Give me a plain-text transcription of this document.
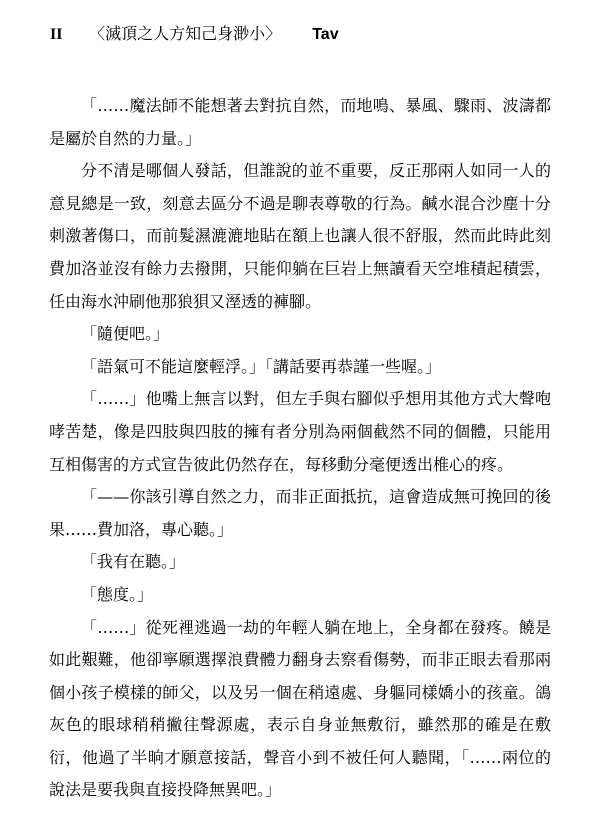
II 〈滅頂之人方知己身渺小〉 Tav

「……魔法師不能想著去對抗自然，而地鳴、暴風、驟雨、波濤都是屬於自然的力量。」

分不清是哪個人發話，但誰說的並不重要，反正那兩人如同一人的意見總是一致，刻意去區分不過是聊表尊敬的行為。鹹水混合沙塵十分刺激著傷口，而前髮濕漉漉地貼在額上也讓人很不舒服，然而此時此刻費加洛並沒有餘力去撥開，只能仰躺在巨岩上無讀看天空堆積起積雲，任由海水沖刷他那狼狽又溼透的褲腳。

「隨便吧。」

「語氣可不能這麼輕浮。」「講話要再恭謹一些喔。」

「……」他嘴上無言以對，但左手與右腳似乎想用其他方式大聲咆哮苦楚，像是四肢與四肢的擁有者分別為兩個截然不同的個體，只能用互相傷害的方式宣告彼此仍然存在，每移動分毫便透出椎心的疼。

「——你該引導自然之力，而非正面抵抗，這會造成無可挽回的後果……費加洛，專心聽。」

「我有在聽。」

「態度。」

「……」從死裡逃過一劫的年輕人躺在地上，全身都在發疼。饒是如此艱難，他卻寧願選擇浪費體力翻身去察看傷勢，而非正眼去看那兩個小孩子模樣的師父，以及另一個在稍遠處、身軀同樣嬌小的孩童。鴿灰色的眼球稍稍撇往聲源處，表示自身並無敷衍，雖然那的確是在敷衍，他過了半晌才願意接話，聲音小到不被任何人聽聞，「……兩位的說法是要我與直接投降無異吧。」
